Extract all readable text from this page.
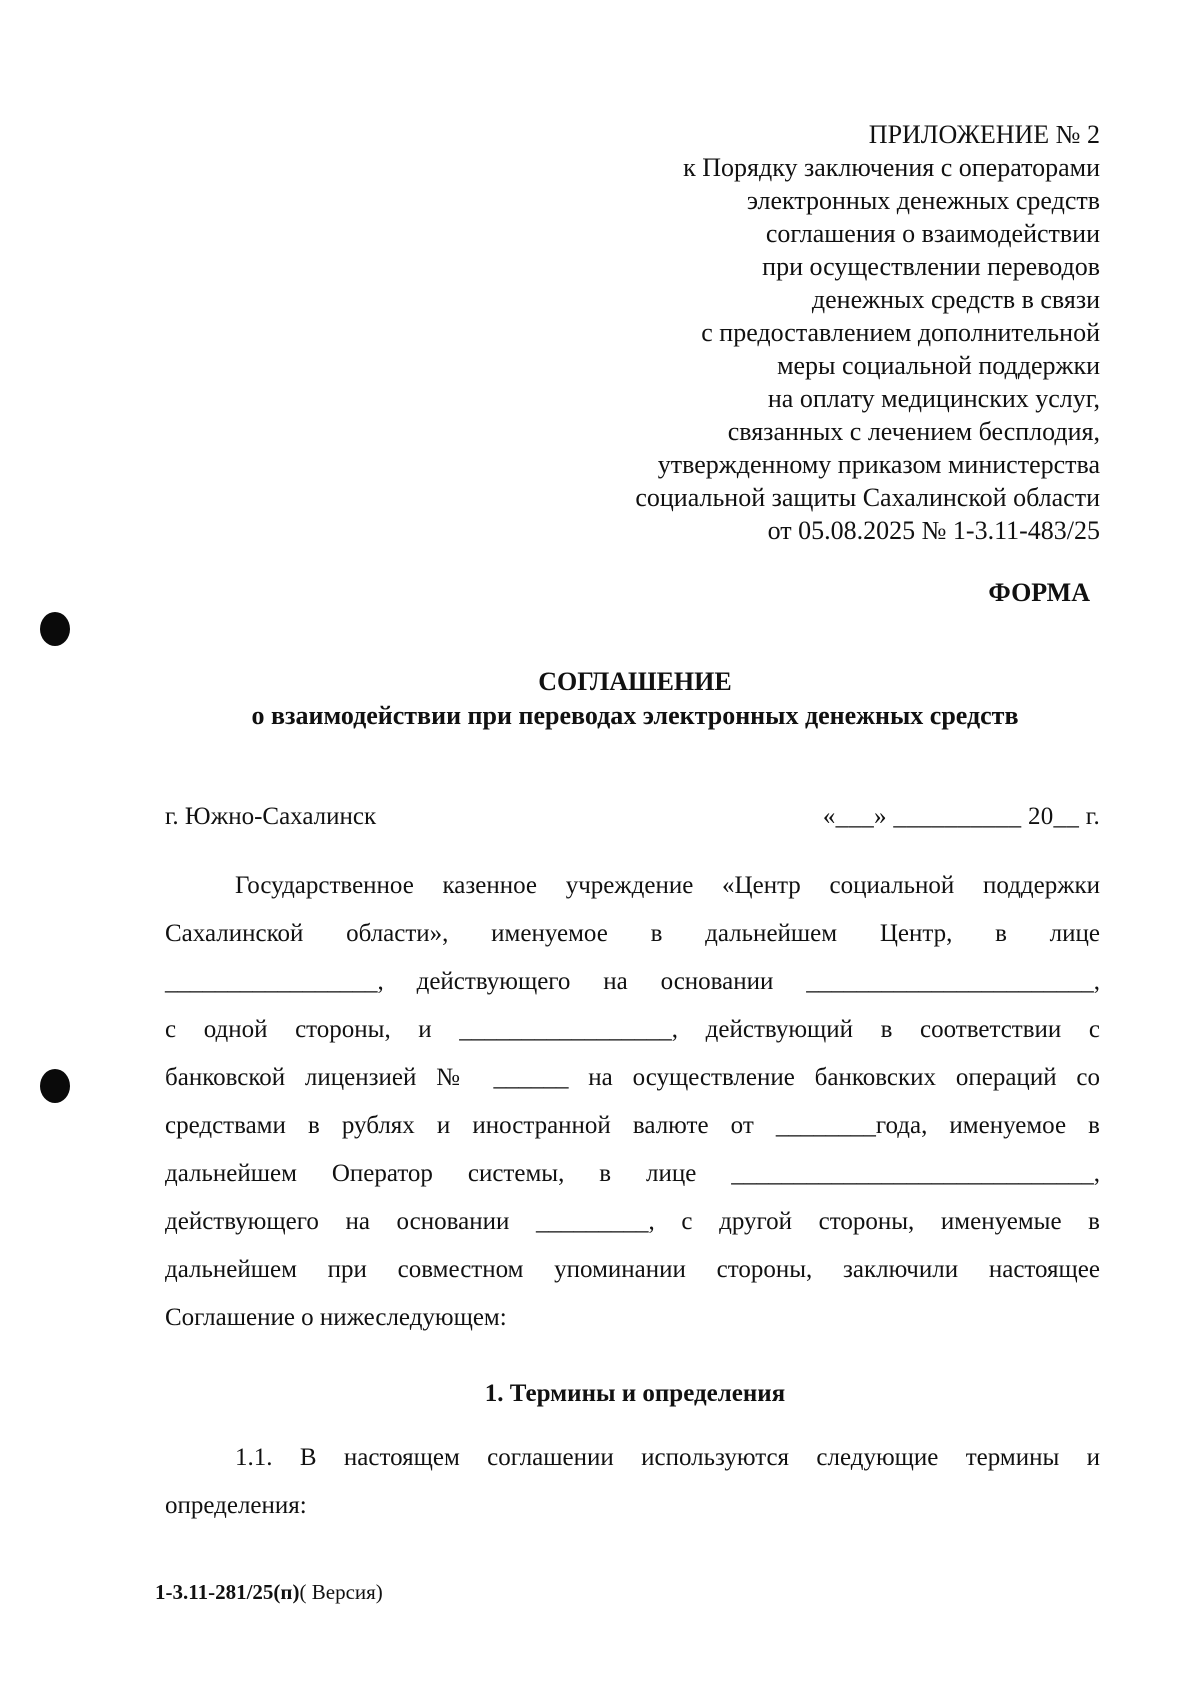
ПРИЛОЖЕНИЕ № 2
к Порядку заключения с операторами
электронных денежных средств
соглашения о взаимодействии
при осуществлении переводов
денежных средств в связи
с предоставлением дополнительной
меры социальной поддержки
на оплату медицинских услуг,
связанных с лечением бесплодия,
утвержденному приказом министерства
социальной защиты Сахалинской области
от 05.08.2025 № 1-3.11-483/25
ФОРМА
СОГЛАШЕНИЕ
о взаимодействии при переводах электронных денежных средств
г. Южно-Сахалинск	«___» __________ 20__ г.
Государственное казенное учреждение «Центр социальной поддержки
Сахалинской области», именуемое в дальнейшем Центр, в лице
_________________, действующего на основании _______________________,
с одной стороны, и _________________, действующий в соответствии с
банковской лицензией № ______ на осуществление банковских операций со
средствами в рублях и иностранной валюте от ________года, именуемое в
дальнейшем Оператор системы, в лице _____________________________,
действующего на основании _________, с другой стороны, именуемые в
дальнейшем при совместном упоминании стороны, заключили настоящее
Соглашение о нижеследующем:
1. Термины и определения
1.1. В настоящем соглашении используются следующие термины и
определения:
1-3.11-281/25(п)( Версия)
